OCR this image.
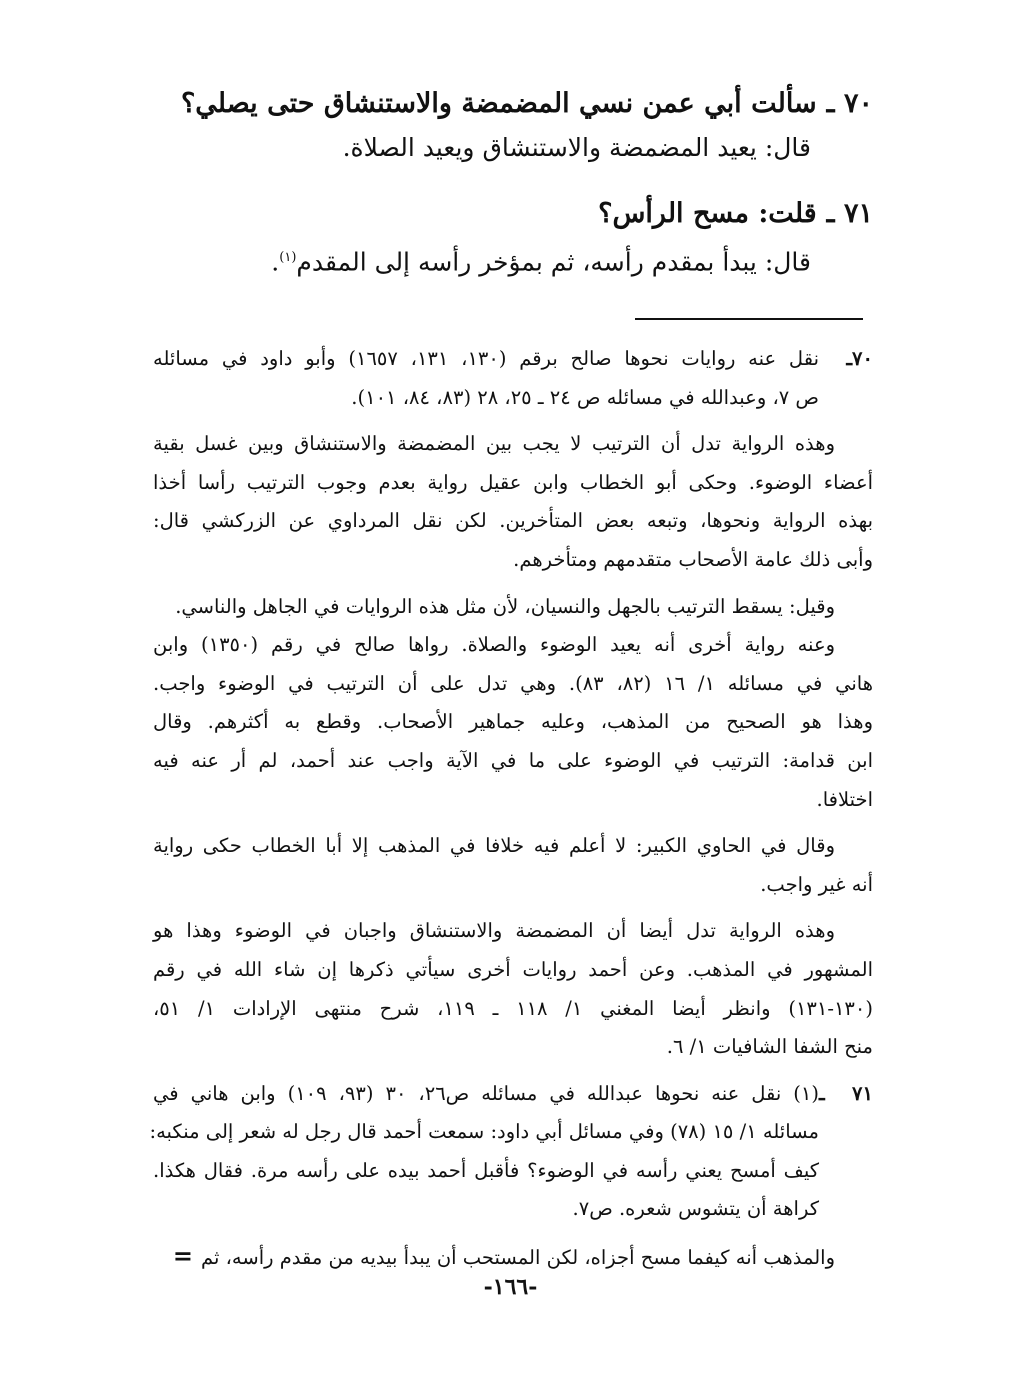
٧٠ ـسألت أبي عمن نسي المضمضة والاستنشاق حتى يصلي؟
قال: يعيد المضمضة والاستنشاق ويعيد الصلاة.
٧١ ـقلت: مسح الرأس؟
قال: يبدأ بمقدم رأسه، ثم بمؤخر رأسه إلى المقدم$^{(١)}$.
٧٠ـنقل عنه روايات نحوها صالح برقم (١٣٠، ١٣١، ١٦٥٧) وأبو داود في مسائله
ص ٧، وعبدالله في مسائله ص ٢٤ ـ ٢٥، ٢٨ (٨٣، ٨٤، ١٠١).
وهذه الرواية تدل أن الترتيب لا يجب بين المضمضة والاستنشاق وبين غسل بقية
أعضاء الوضوء. وحكى أبو الخطاب وابن عقيل رواية بعدم وجوب الترتيب رأسا أخذا
بهذه الرواية ونحوها، وتبعه بعض المتأخرين. لكن نقل المرداوي عن الزركشي قال:
وأبى ذلك عامة الأصحاب متقدمهم ومتأخرهم.
وقيل: يسقط الترتيب بالجهل والنسيان، لأن مثل هذه الروايات في الجاهل والناسي.
وعنه رواية أخرى أنه يعيد الوضوء والصلاة. رواها صالح في رقم (١٣٥٠) وابن
هاني في مسائله ١/ ١٦ (٨٢، ٨٣). وهي تدل على أن الترتيب في الوضوء واجب.
وهذا هو الصحيح من المذهب، وعليه جماهير الأصحاب. وقطع به أكثرهم. وقال
ابن قدامة: الترتيب في الوضوء على ما في الآية واجب عند أحمد، لم أر عنه فيه
اختلافا.
وقال في الحاوي الكبير: لا أعلم فيه خلافا في المذهب إلا أبا الخطاب حكى رواية
أنه غير واجب.
وهذه الرواية تدل أيضا أن المضمضة والاستنشاق واجبان في الوضوء وهذا هو
المشهور في المذهب. وعن أحمد روايات أخرى سيأتي ذكرها إن شاء الله في رقم
(١٣٠-١٣١) وانظر أيضا المغني ١/ ١١٨ ـ ١١٩، شرح منتهى الإرادات ١/ ٥١،
منح الشفا الشافيات ١/ ٦.
٧١ ـ(١) نقل عنه نحوها عبدالله في مسائله ص٢٦، ٣٠ (٩٣، ١٠٩) وابن هاني في
مسائله ١/ ١٥ (٧٨) وفي مسائل أبي داود: سمعت أحمد قال رجل له شعر إلى منكبه:
كيف أمسح يعني رأسه في الوضوء؟ فأقبل أحمد بيده على رأسه مرة. فقال هكذا.
كراهة أن يتشوس شعره. ص٧.
والمذهب أنه كيفما مسح أجزاه، لكن المستحب أن يبدأ بيديه من مقدم رأسه، ثم=
-١٦٦-
